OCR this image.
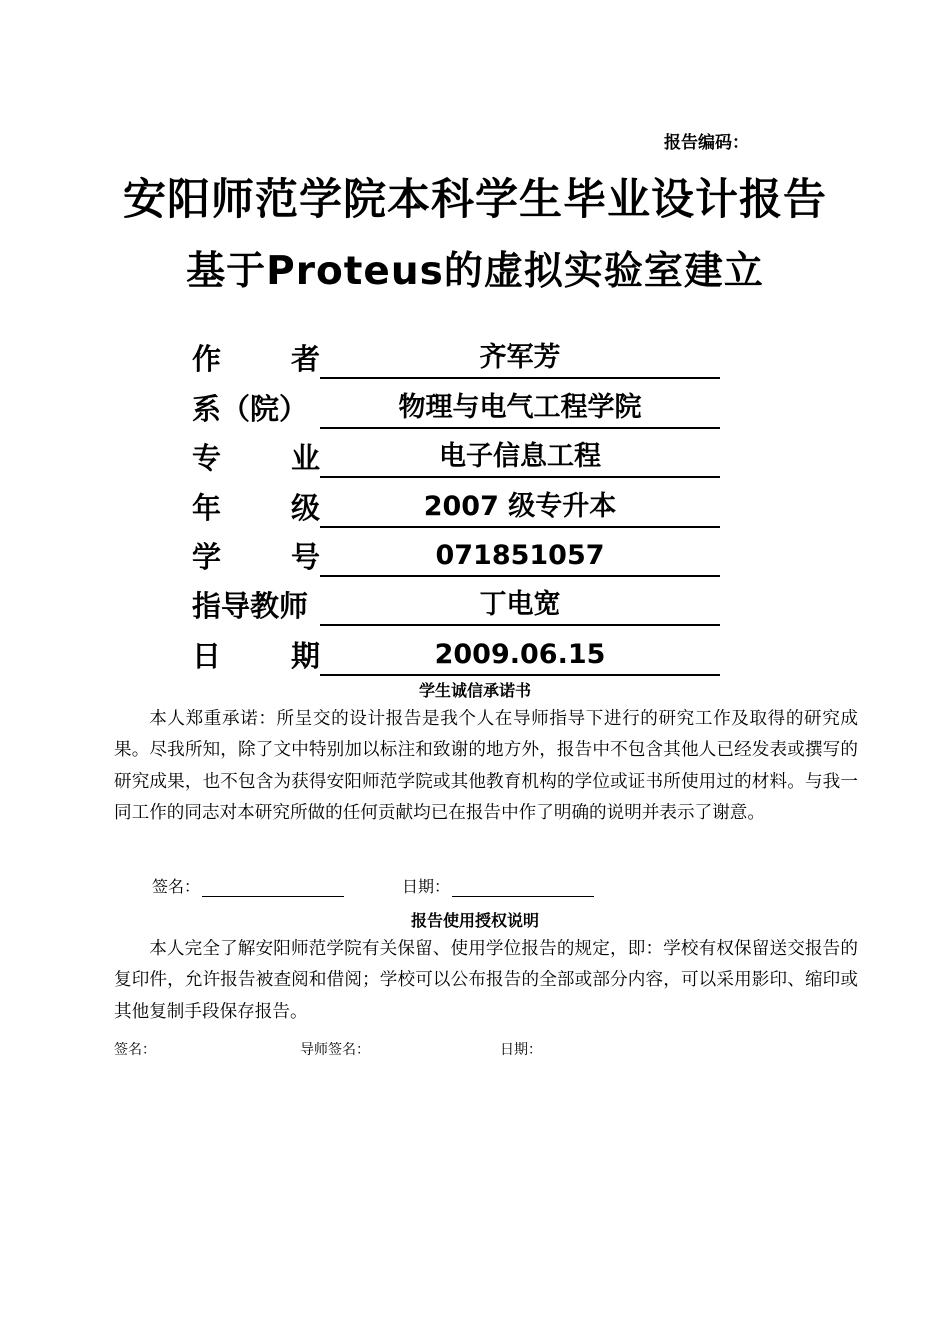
报告编码：
安阳师范学院本科学生毕业设计报告
基于Proteus的虚拟实验室建立
作 者	齐军芳
系（院）	物理与电气工程学院
专 业	电子信息工程
年 级	2007 级专升本
学 号	071851057
指导教师	丁电宽
日 期	2009.06.15
学生诚信承诺书
本人郑重承诺：所呈交的设计报告是我个人在导师指导下进行的研究工作及取得的研究成果。尽我所知，除了文中特别加以标注和致谢的地方外，报告中不包含其他人已经发表或撰写的研究成果，也不包含为获得安阳师范学院或其他教育机构的学位或证书所使用过的材料。与我一同工作的同志对本研究所做的任何贡献均已在报告中作了明确的说明并表示了谢意。
签名：	日期：
报告使用授权说明
本人完全了解安阳师范学院有关保留、使用学位报告的规定，即：学校有权保留送交报告的复印件，允许报告被查阅和借阅；学校可以公布报告的全部或部分内容，可以采用影印、缩印或其他复制手段保存报告。
签名：	导师签名：	日期：
